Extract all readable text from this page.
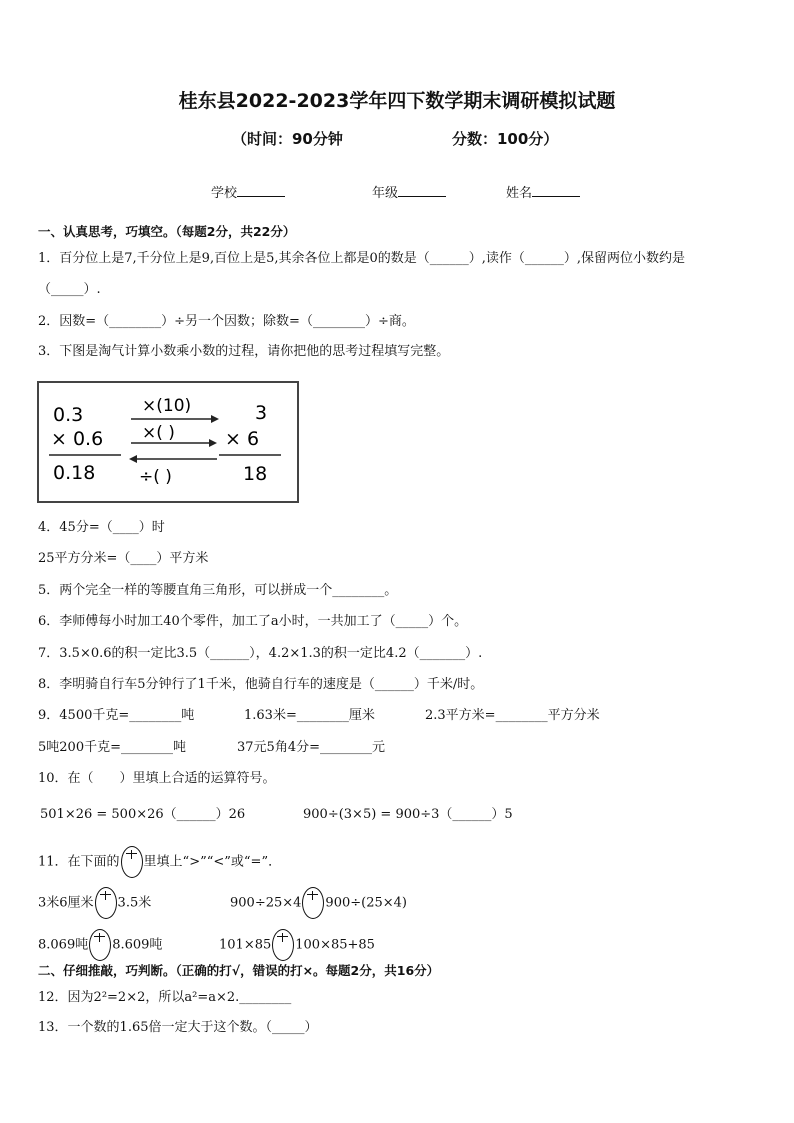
桂东县2022-2023学年四下数学期末调研模拟试题
（时间：90分钟	分数：100分）
学校	年级	姓名
一、认真思考，巧填空。（每题2分，共22分）
1．百分位上是7,千分位上是9,百位上是5,其余各位上都是0的数是（______）,读作（______）,保留两位小数约是
（_____）.
2．因数=（________）÷另一个因数；除数=（________）÷商。
3．下图是淘气计算小数乘小数的过程，请你把他的思考过程填写完整。
0.3
× 0.6
0.18
×(10)
×( )
÷( )
3
× 6
18
4．45分=（____）时
25平方分米=（____）平方米
5．两个完全一样的等腰直角三角形，可以拼成一个________。
6．李师傅每小时加工40个零件，加工了a小时，一共加工了（_____）个。
7．3.5×0.6的积一定比3.5（______），4.2×1.3的积一定比4.2（_______）.
8．李明骑自行车5分钟行了1千米，他骑自行车的速度是（______）千米/时。
9．4500千克=________吨	1.63米=________厘米	2.3平方米=________平方分米
5吨200千克=________吨	37元5角4分=________元
10．在（　　）里填上合适的运算符号。
501×26 = 500×26（______）26	900÷(3×5) = 900÷3（______）5
11．在下面的 里填上“>”“<”或“=”．
3米6厘米 3.5米	900÷25×4 900÷(25×4)
8.069吨 8.609吨	101×85 100×85+85
二、仔细推敲，巧判断。（正确的打√，错误的打×。每题2分，共16分）
12．因为2²=2×2，所以a²=a×2.________
13．一个数的1.65倍一定大于这个数。（_____）
